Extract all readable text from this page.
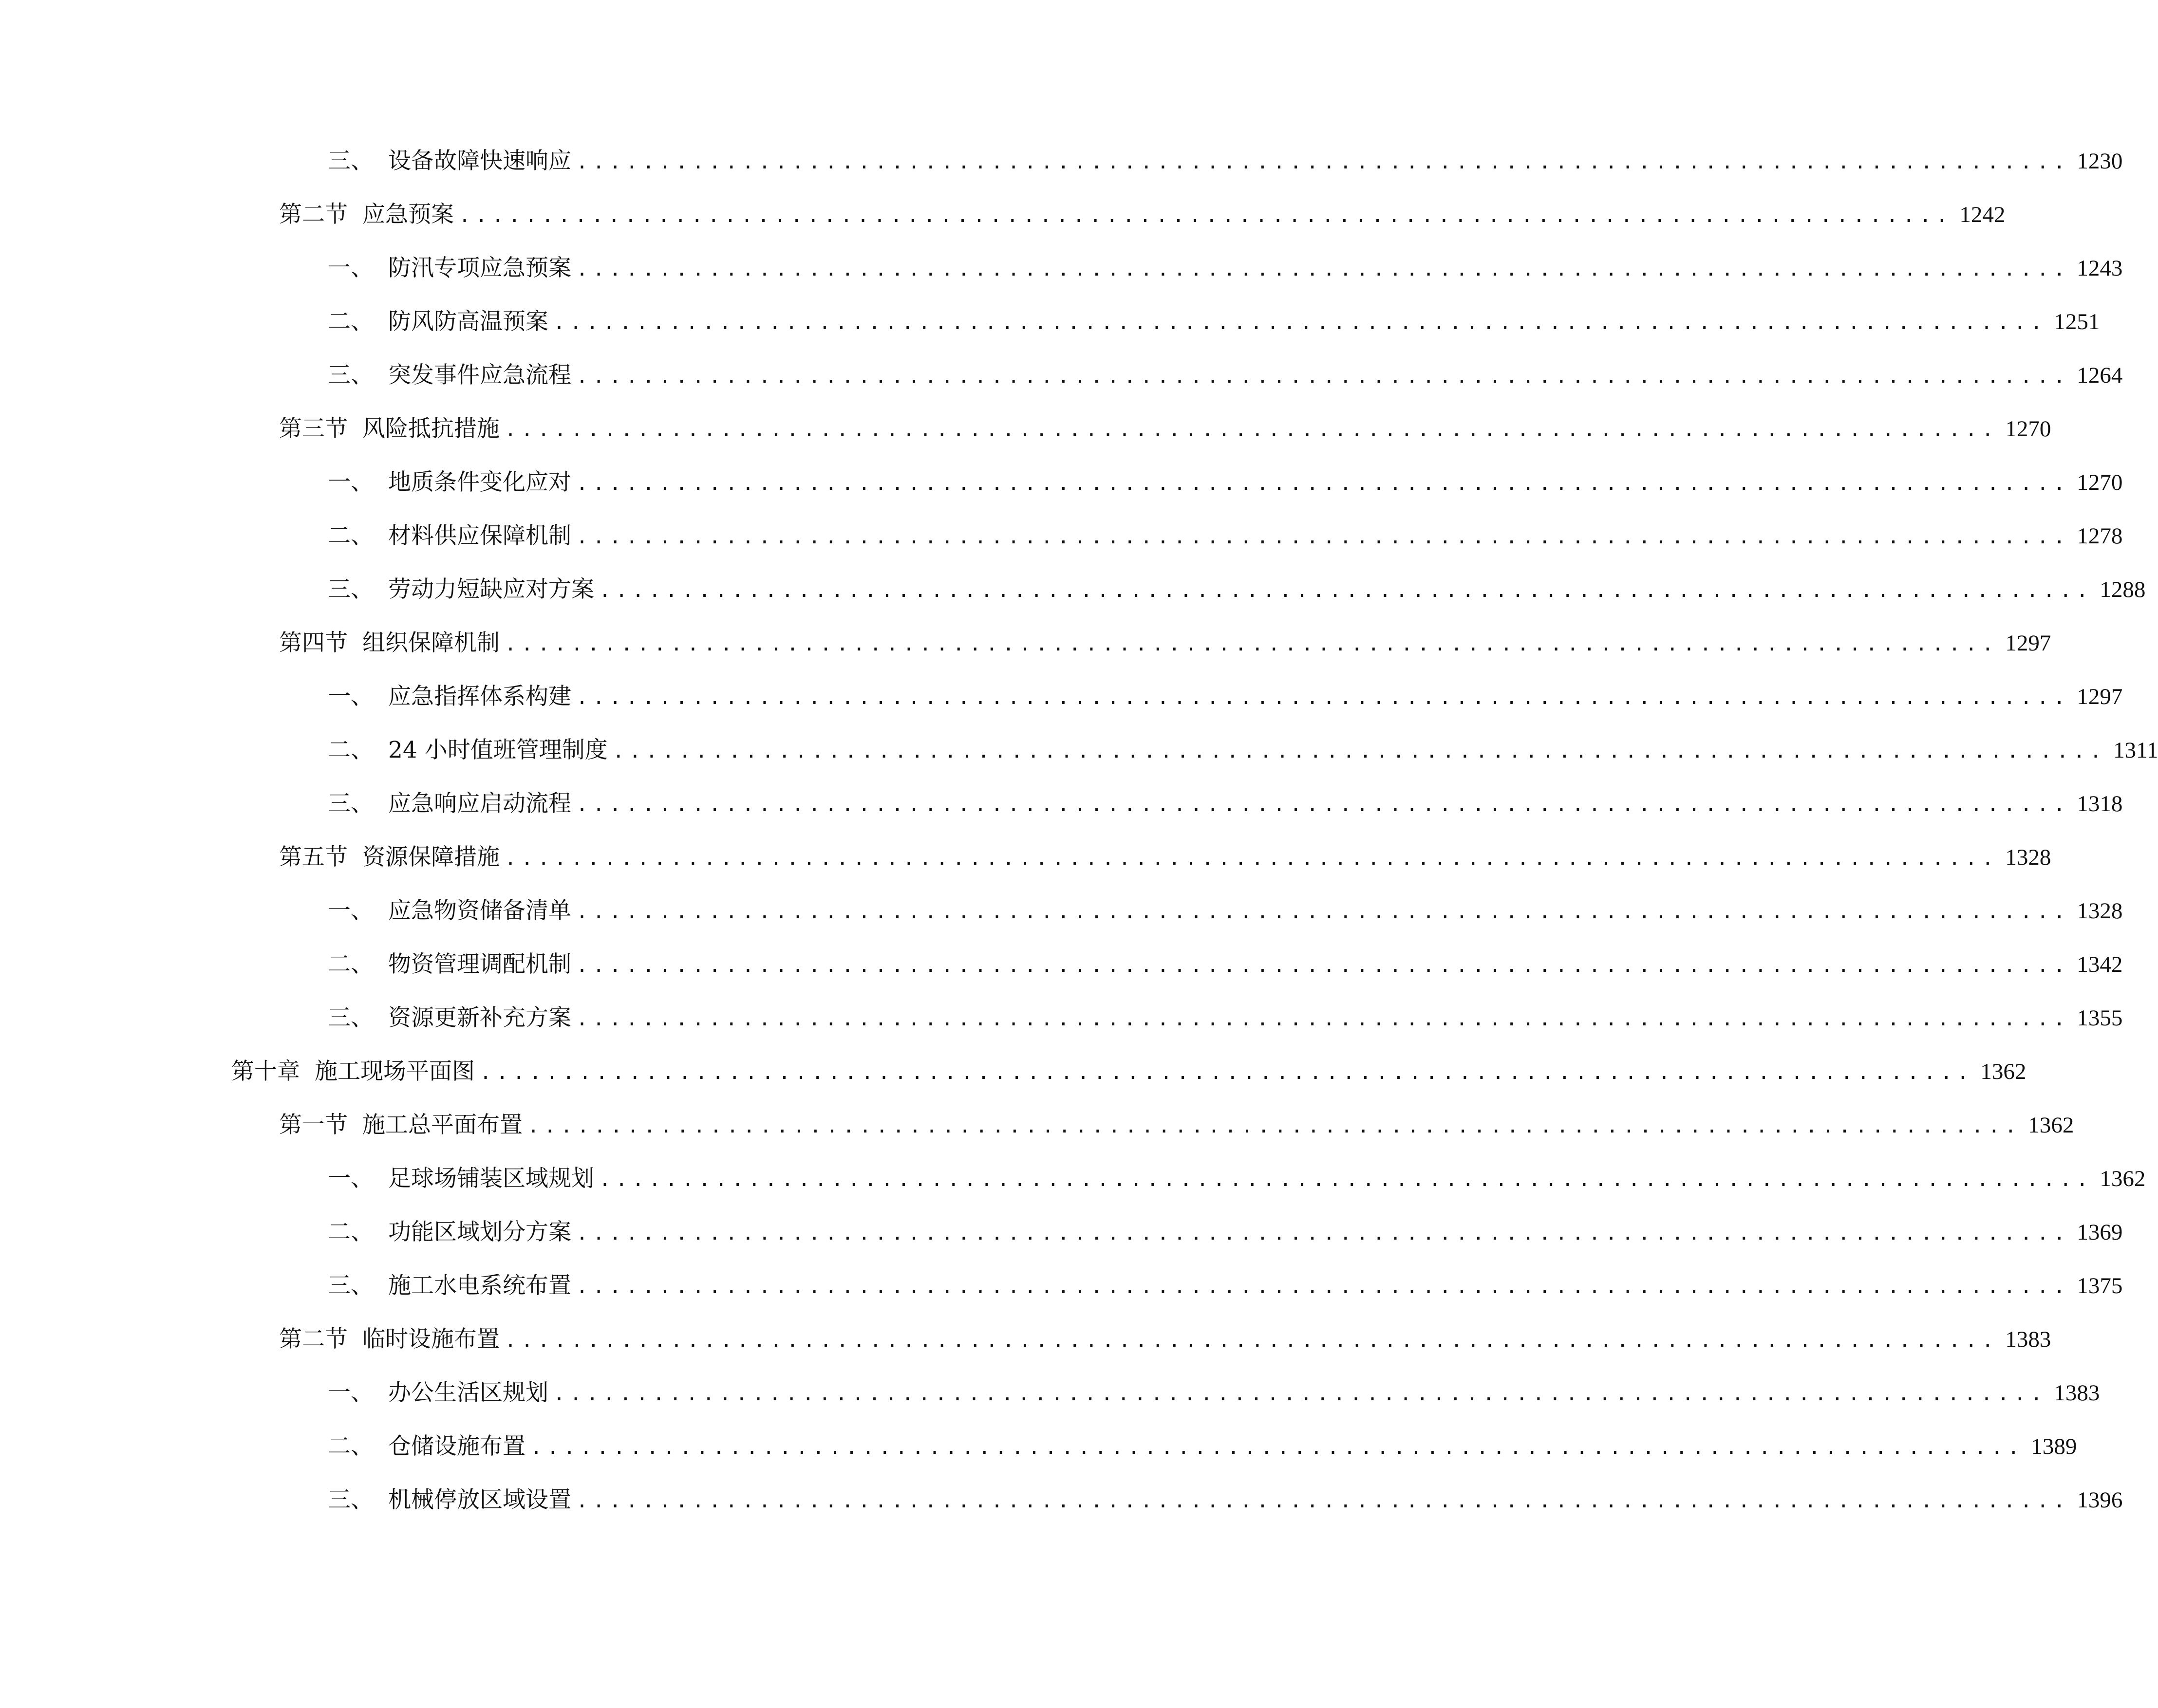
三、 设备故障快速响应 .......................................................................................... 1230
第二节 应急预案 .......................................................................................... 1242
一、 防汛专项应急预案 .......................................................................................... 1243
二、 防风防高温预案 .......................................................................................... 1251
三、 突发事件应急流程 .......................................................................................... 1264
第三节 风险抵抗措施 .......................................................................................... 1270
一、 地质条件变化应对 .......................................................................................... 1270
二、 材料供应保障机制 .......................................................................................... 1278
三、 劳动力短缺应对方案 .......................................................................................... 1288
第四节 组织保障机制 .......................................................................................... 1297
一、 应急指挥体系构建 .......................................................................................... 1297
二、 24 小时值班管理制度 .......................................................................................... 1311
三、 应急响应启动流程 .......................................................................................... 1318
第五节 资源保障措施 .......................................................................................... 1328
一、 应急物资储备清单 .......................................................................................... 1328
二、 物资管理调配机制 .......................................................................................... 1342
三、 资源更新补充方案 .......................................................................................... 1355
第十章 施工现场平面图 .......................................................................................... 1362
第一节 施工总平面布置 .......................................................................................... 1362
一、 足球场铺装区域规划 .......................................................................................... 1362
二、 功能区域划分方案 .......................................................................................... 1369
三、 施工水电系统布置 .......................................................................................... 1375
第二节 临时设施布置 .......................................................................................... 1383
一、 办公生活区规划 .......................................................................................... 1383
二、 仓储设施布置 .......................................................................................... 1389
三、 机械停放区域设置 .......................................................................................... 1396
